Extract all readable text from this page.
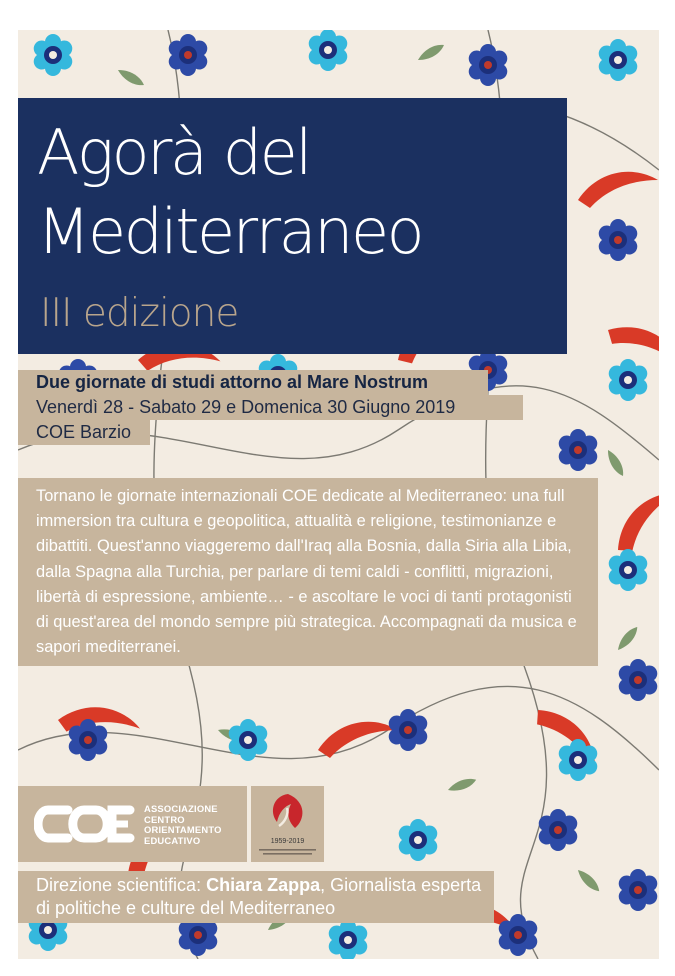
Agorà del
Mediterraneo
III edizione
Due giornate di studi attorno al Mare Nostrum
Venerdì 28 - Sabato 29 e Domenica 30 Giugno 2019
COE Barzio

Tornano le giornate internazionali COE dedicate al Mediterraneo: una full immersion tra cultura e geopolitica, attualità e religione, testimonianze e dibattiti. Quest'anno viaggeremo dall'Iraq alla Bosnia, dalla Siria alla Libia, dalla Spagna alla Turchia, per parlare di temi caldi - conflitti, migrazioni, libertà di espressione, ambiente… - e ascoltare le voci di tanti protagonisti di quest'area del mondo sempre più strategica. Accompagnati da musica e sapori mediterranei.

ASSOCIAZIONE
CENTRO
ORIENTAMENTO
EDUCATIVO	1959-2019

Direzione scientifica: Chiara Zappa, Giornalista esperta di politiche e culture del Mediterraneo
